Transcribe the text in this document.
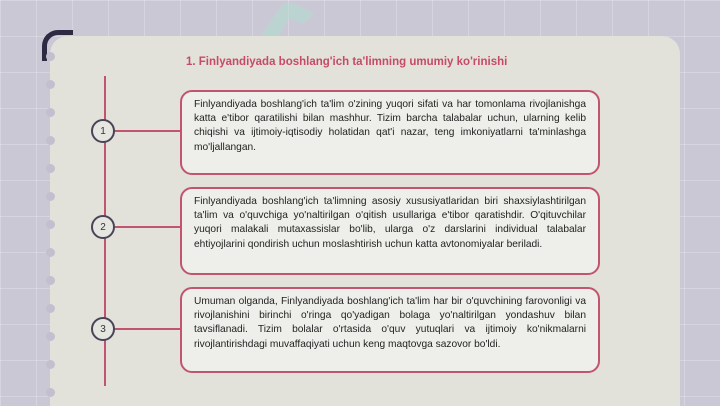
1. Finlyandiyada boshlang'ich ta'limning umumiy ko'rinishi
1
Finlyandiyada boshlang'ich ta'lim o'zining yuqori sifati va har tomonlama rivojlanishga katta e'tibor qaratilishi bilan mashhur. Tizim barcha talabalar uchun, ularning kelib chiqishi va ijtimoiy-iqtisodiy holatidan qat'i nazar, teng imkoniyatlarni ta'minlashga mo'ljallangan.
2
Finlyandiyada boshlang'ich ta'limning asosiy xususiyatlaridan biri shaxsiylashtirilgan ta'lim va o'quvchiga yo'naltirilgan o'qitish usullariga e'tibor qaratishdir. O'qituvchilar yuqori malakali mutaxassislar bo'lib, ularga o'z darslarini individual talabalar ehtiyojlarini qondirish uchun moslashtirish uchun katta avtonomiyalar beriladi.
3
Umuman olganda, Finlyandiyada boshlang'ich ta'lim har bir o'quvchining farovonligi va rivojlanishini birinchi o'ringa qo'yadigan bolaga yo'naltirilgan yondashuv bilan tavsiflanadi. Tizim bolalar o'rtasida o'quv yutuqlari va ijtimoiy ko'nikmalarni rivojlantirishdagi muvaffaqiyati uchun keng maqtovga sazovor bo'ldi.
